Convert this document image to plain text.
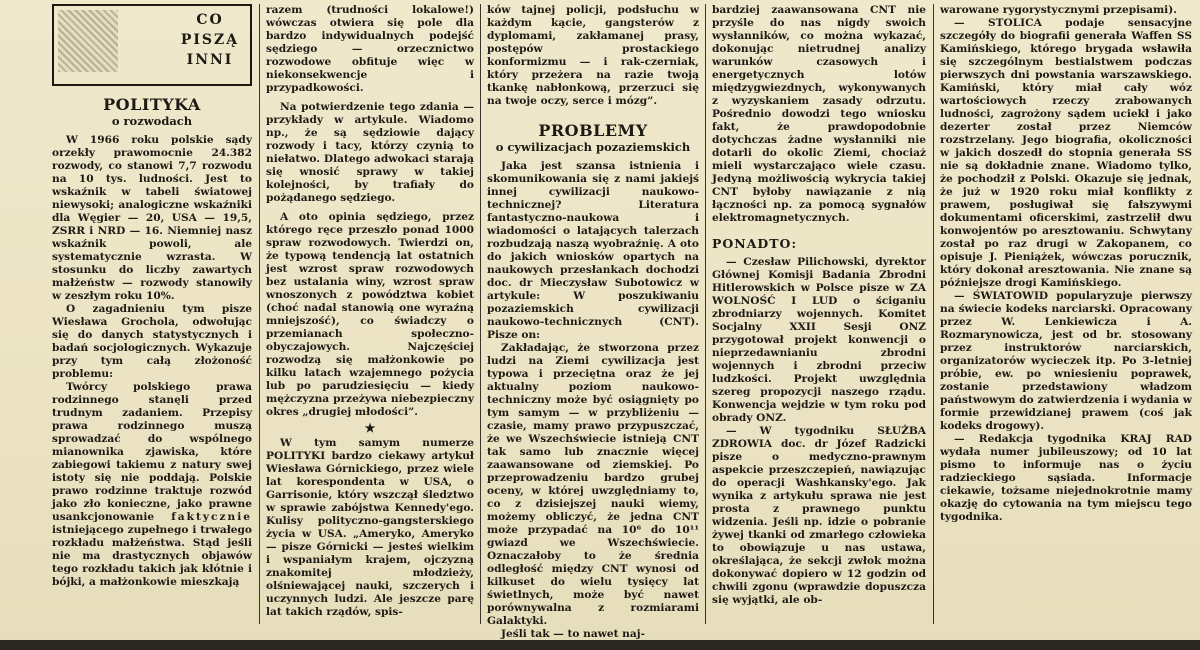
CO
PISZĄ
INNI
POLITYKA
o rozwodach

W 1966 roku polskie sądy orzekły prawomocnie 24.382 rozwody, co stanowi 7,7 rozwodu na 10 tys. ludności. Jest to wskaźnik w tabeli światowej niewysoki; analogiczne wskaźniki dla Węgier — 20, USA — 19,5, ZSRR i NRD — 16. Niemniej nasz wskaźnik powoli, ale systematycznie wzrasta. W stosunku do liczby zawartych małżeństw — rozwody stanowiły w zeszłym roku 10%.

O zagadnieniu tym pisze Wiesława Grochola, odwołując się do danych statystycznych i badań socjologicznych. Wykazuje przy tym całą złożoność problemu:

Twórcy polskiego prawa rodzinnego stanęli przed trudnym zadaniem. Przepisy prawa rodzinnego muszą sprowadzać do wspólnego mianownika zjawiska, które zabiegowi takiemu z natury swej istoty się nie poddają. Polskie prawo rodzinne traktuje rozwód jako zło konieczne, jako prawne usankcjonowanie faktycznie istniejącego zupełnego i trwałego rozkładu małżeństwa. Stąd jeśli nie ma drastycznych objawów tego rozkładu takich jak kłótnie i bójki, a małżonkowie mieszkają

razem (trudności lokalowe!) wówczas otwiera się pole dla bardzo indywidualnych podejść sędziego — orzecznictwo rozwodowe obfituje więc w niekonsekwencje i przypadkowości.

Na potwierdzenie tego zdania — przykłady w artykule. Wiadomo np., że są sędziowie dający rozwody i tacy, którzy czynią to niełatwo. Dlatego adwokaci starają się wnosić sprawy w takiej kolejności, by trafiały do pożądanego sędziego.

A oto opinia sędziego, przez którego ręce przeszło ponad 1000 spraw rozwodowych. Twierdzi on, że typową tendencją lat ostatnich jest wzrost spraw rozwodowych bez ustalania winy, wzrost spraw wnoszonych z powództwa kobiet (choć nadal stanowią one wyraźną mniejszość), co świadczy o przemianach społeczno-obyczajowych. Najczęściej rozwodzą się małżonkowie po kilku latach wzajemnego pożycia lub po parudziesięciu — kiedy mężczyzna przeżywa niebezpieczny okres „drugiej młodości”.

★

W tym samym numerze POLITYKI bardzo ciekawy artykuł Wiesława Górnickiego, przez wiele lat korespondenta w USA, o Garrisonie, który wszczął śledztwo w sprawie zabójstwa Kennedy'ego. Kulisy polityczno-gangsterskiego życia w USA. „Ameryko, Ameryko — pisze Górnicki — jesteś wielkim i wspaniałym krajem, ojczyzną znakomitej młodzieży, olśniewającej nauki, szczerych i uczynnych ludzi. Ale jeszcze parę lat takich rządów, spis-

ków tajnej policji, podsłuchu w każdym kącie, gangsterów z dyplomami, zakłamanej prasy, postępów prostackiego konformizmu — i rak-czerniak, który przeżera na razie twoją tkankę nabłonkową, przerzuci się na twoje oczy, serce i mózg”.

PROBLEMY
o cywilizacjach pozaziemskich

Jaka jest szansa istnienia i skomunikowania się z nami jakiejś innej cywilizacji naukowo-technicznej? Literatura fantastyczno-naukowa i wiadomości o latających talerzach rozbudzają naszą wyobraźnię. A oto do jakich wniosków opartych na naukowych przesłankach dochodzi doc. dr Mieczysław Subotowicz w artykule: W poszukiwaniu pozaziemskich cywilizacji naukowo-technicznych (CNT). Pisze on:

Zakładając, że stworzona przez ludzi na Ziemi cywilizacja jest typowa i przeciętna oraz że jej aktualny poziom naukowo-techniczny może być osiągnięty po tym samym — w przybliżeniu — czasie, mamy prawo przypuszczać, że we Wszechświecie istnieją CNT tak samo lub znacznie więcej zaawansowane od ziemskiej. Po przeprowadzeniu bardzo grubej oceny, w której uwzględniamy to, co z dzisiejszej nauki wiemy, możemy obliczyć, że jedna CNT może przypadać na 10⁶ do 10¹¹ gwiazd we Wszechświecie. Oznaczałoby to że średnia odległość między CNT wynosi od kilkuset do wielu tysięcy lat świetlnych, może być nawet porównywalna z rozmiarami Galaktyki.

Jeśli tak — to nawet naj-

bardziej zaawansowana CNT nie przyśle do nas nigdy swoich wysłanników, co można wykazać, dokonując nietrudnej analizy warunków czasowych i energetycznych lotów międzygwiezdnych, wykonywanych z wyzyskaniem zasady odrzutu. Pośrednio dowodzi tego wniosku fakt, że prawdopodobnie dotychczas żadne wysłanniki nie dotarli do okolic Ziemi, chociaż mieli wystarczająco wiele czasu. Jedyną możliwością wykrycia takiej CNT byłoby nawiązanie z nią łączności np. za pomocą sygnałów elektromagnetycznych.

PONADTO:

— Czesław Pilichowski, dyrektor Głównej Komisji Badania Zbrodni Hitlerowskich w Polsce pisze w ZA WOLNOŚĆ I LUD o ściganiu zbrodniarzy wojennych. Komitet Socjalny XXII Sesji ONZ przygotował projekt konwencji o nieprzedawnianiu zbrodni wojennych i zbrodni przeciw ludzkości. Projekt uwzględnia szereg propozycji naszego rządu. Konwencja wejdzie w tym roku pod obrady ONZ.

— W tygodniku SŁUŻBA ZDROWIA doc. dr Józef Radzicki pisze o medyczno-prawnym aspekcie przeszczepień, nawiązując do operacji Washkansky'ego. Jak wynika z artykułu sprawa nie jest prosta z prawnego punktu widzenia. Jeśli np. idzie o pobranie żywej tkanki od zmarłego człowieka to obowiązuje u nas ustawa, określająca, że sekcji zwłok można dokonywać dopiero w 12 godzin od chwili zgonu (wprawdzie dopuszcza się wyjątki, ale ob-

warowane rygorystycznymi przepisami).

— STOLICA podaje sensacyjne szczegóły do biografii generała Waffen SS Kamińskiego, którego brygada wsławiła się szczególnym bestialstwem podczas pierwszych dni powstania warszawskiego. Kamiński, który miał cały wóz wartościowych rzeczy zrabowanych ludności, zagrożony sądem uciekł i jako dezerter został przez Niemców rozstrzelany. Jego biografia, okoliczności w jakich doszedł do stopnia generała SS nie są dokładnie znane. Wiadomo tylko, że pochodził z Polski. Okazuje się jednak, że już w 1920 roku miał konflikty z prawem, posługiwał się fałszywymi dokumentami oficerskimi, zastrzelił dwu konwojentów po aresztowaniu. Schwytany został po raz drugi w Zakopanem, co opisuje J. Pieniążek, wówczas porucznik, który dokonał aresztowania. Nie znane są późniejsze drogi Kamińskiego.

— ŚWIATOWID popularyzuje pierwszy na świecie kodeks narciarski. Opracowany przez W. Lenkiewicza i A. Rozmarynowicza, jest od br. stosowany przez instruktorów narciarskich, organizatorów wycieczek itp. Po 3-letniej próbie, ew. po wniesieniu poprawek, zostanie przedstawiony władzom państwowym do zatwierdzenia i wydania w formie przewidzianej prawem (coś jak kodeks drogowy).

— Redakcja tygodnika KRAJ RAD wydała numer jubileuszowy; od 10 lat pismo to informuje nas o życiu radzieckiego sąsiada. Informacje ciekawie, tożsame niejednokrotnie mamy okazję do cytowania na tym miejscu tego tygodnika.
